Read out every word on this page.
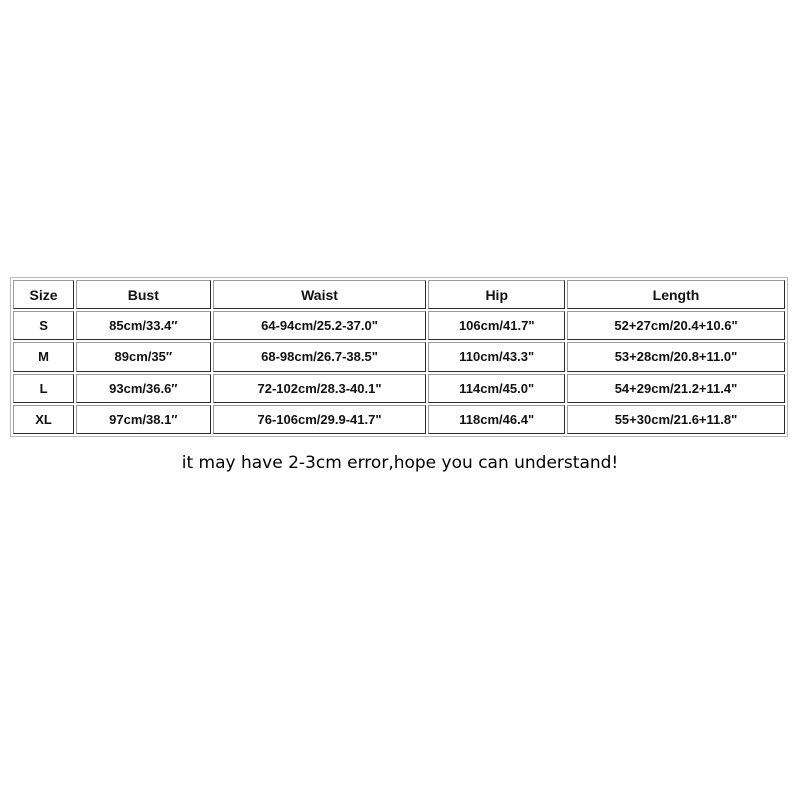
Size	Bust	Waist	Hip	Length
S	85cm/33.4″	64-94cm/25.2-37.0"	106cm/41.7"	52+27cm/20.4+10.6"
M	89cm/35″	68-98cm/26.7-38.5"	110cm/43.3"	53+28cm/20.8+11.0"
L	93cm/36.6″	72-102cm/28.3-40.1"	114cm/45.0"	54+29cm/21.2+11.4"
XL	97cm/38.1″	76-106cm/29.9-41.7"	118cm/46.4"	55+30cm/21.6+11.8"
it may have 2-3cm error,hope you can understand!
